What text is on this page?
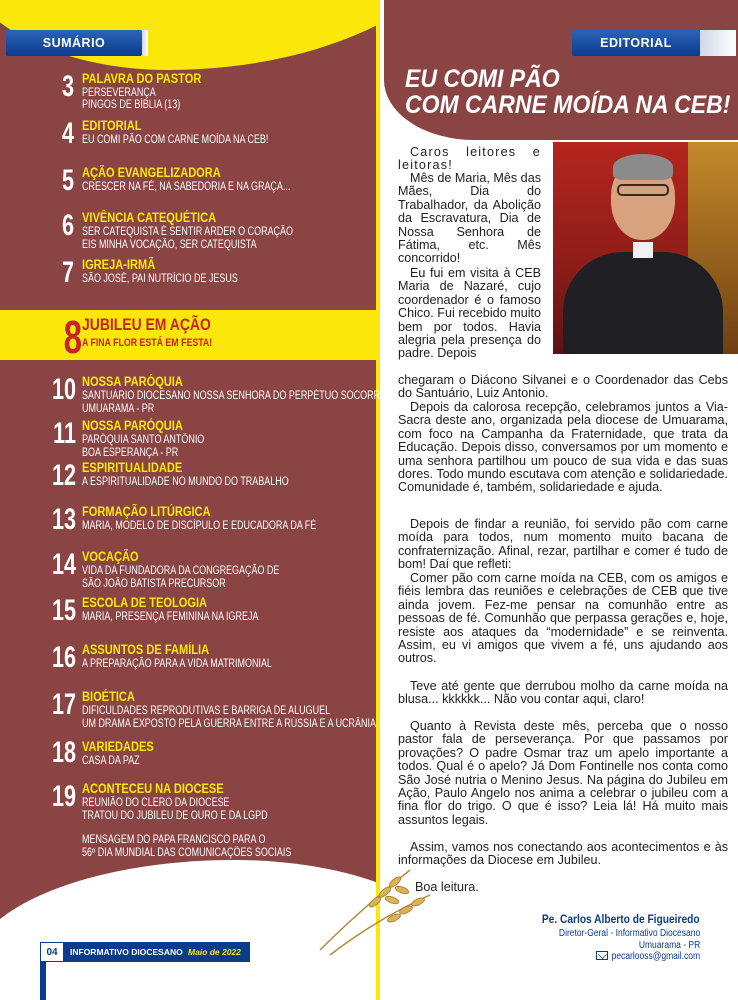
SUMÁRIO
3 PALAVRA DO PASTOR
PERSEVERANÇA
PINGOS DE BÍBLIA (13)
4 EDITORIAL
EU COMI PÃO COM CARNE MOÍDA NA CEB!
5 AÇÃO EVANGELIZADORA
CRESCER NA FÉ, NA SABEDORIA E NA GRAÇA...
6 VIVÊNCIA CATEQUÉTICA
SER CATEQUISTA É SENTIR ARDER O CORAÇÃO
EIS MINHA VOCAÇÃO, SER CATEQUISTA
7 IGREJA-IRMÃ
SÃO JOSÉ, PAI NUTRÍCIO DE JESUS
8 JUBILEU EM AÇÃO
A FINA FLOR ESTÁ EM FESTA!
10 NOSSA PARÓQUIA
SANTUÁRIO DIOCESANO NOSSA SENHORA DO PERPÉTUO SOCORRO
UMUARAMA - PR
11 NOSSA PARÓQUIA
PARÓQUIA SANTO ANTÔNIO
BOA ESPERANÇA - PR
12 ESPIRITUALIDADE
A ESPIRITUALIDADE NO MUNDO DO TRABALHO
13 FORMAÇÃO LITÚRGICA
MARIA, MODELO DE DISCÍPULO E EDUCADORA DA FÉ
14 VOCAÇÃO
VIDA DA FUNDADORA DA CONGREGAÇÃO DE
SÃO JOÃO BATISTA PRECURSOR
15 ESCOLA DE TEOLOGIA
MARIA, PRESENÇA FEMININA NA IGREJA
16 ASSUNTOS DE FAMÍLIA
A PREPARAÇÃO PARA A VIDA MATRIMONIAL
17 BIOÉTICA
DIFICULDADES REPRODUTIVAS E BARRIGA DE ALUGUEL
UM DRAMA EXPOSTO PELA GUERRA ENTRE A RÚSSIA E A UCRÂNIA
18 VARIEDADES
CASA DA PAZ
19 ACONTECEU NA DIOCESE
REUNIÃO DO CLERO DA DIOCESE
TRATOU DO JUBILEU DE OURO E DA LGPD
MENSAGEM DO PAPA FRANCISCO PARA O
56º DIA MUNDIAL DAS COMUNICAÇÕES SOCIAIS
04	INFORMATIVO DIOCESANO Maio de 2022
EDITORIAL
EU COMI PÃO
COM CARNE MOÍDA NA CEB!
Caros leitores e leitoras!
Mês de Maria, Mês das Mães, Dia do Trabalhador, da Abolição da Escravatura, Dia de Nossa Senhora de Fátima, etc. Mês concorrido!
Eu fui em visita à CEB Maria de Nazaré, cujo coordenador é o famoso Chico. Fui recebido muito bem por todos. Havia alegria pela presença do padre. Depois
chegaram o Diácono Silvanei e o Coordenador das Cebs do Santuário, Luiz Antonio.
Depois da calorosa recepção, celebramos juntos a Via-Sacra deste ano, organizada pela diocese de Umuarama, com foco na Campanha da Fraternidade, que trata da Educação. Depois disso, conversamos por um momento e uma senhora partilhou um pouco de sua vida e das suas dores. Todo mundo escutava com atenção e solidariedade. Comunidade é, também, solidariedade e ajuda.
Depois de findar a reunião, foi servido pão com carne moída para todos, num momento muito bacana de confraternização. Afinal, rezar, partilhar e comer é tudo de bom! Daí que refleti:
Comer pão com carne moída na CEB, com os amigos e fiéis lembra das reuniões e celebrações de CEB que tive ainda jovem. Fez-me pensar na comunhão entre as pessoas de fé. Comunhão que perpassa gerações e, hoje, resiste aos ataques da “modernidade” e se reinventa. Assim, eu vi amigos que vivem a fé, uns ajudando aos outros.
Teve até gente que derrubou molho da carne moída na blusa... kkkkkk... Não vou contar aqui, claro!
Quanto à Revista deste mês, perceba que o nosso pastor fala de perseverança. Por que passamos por provações? O padre Osmar traz um apelo importante a todos. Qual é o apelo? Já Dom Fontinelle nos conta como São José nutria o Menino Jesus. Na página do Jubileu em Ação, Paulo Angelo nos anima a celebrar o jubileu com a fina flor do trigo. O que é isso? Leia lá! Há muito mais assuntos legais.
Assim, vamos nos conectando aos acontecimentos e às informações da Diocese em Jubileu.
Boa leitura.
Pe. Carlos Alberto de Figueiredo
Diretor-Geral - Informativo Diocesano
Umuarama - PR
pecarlooss@gmail.com
